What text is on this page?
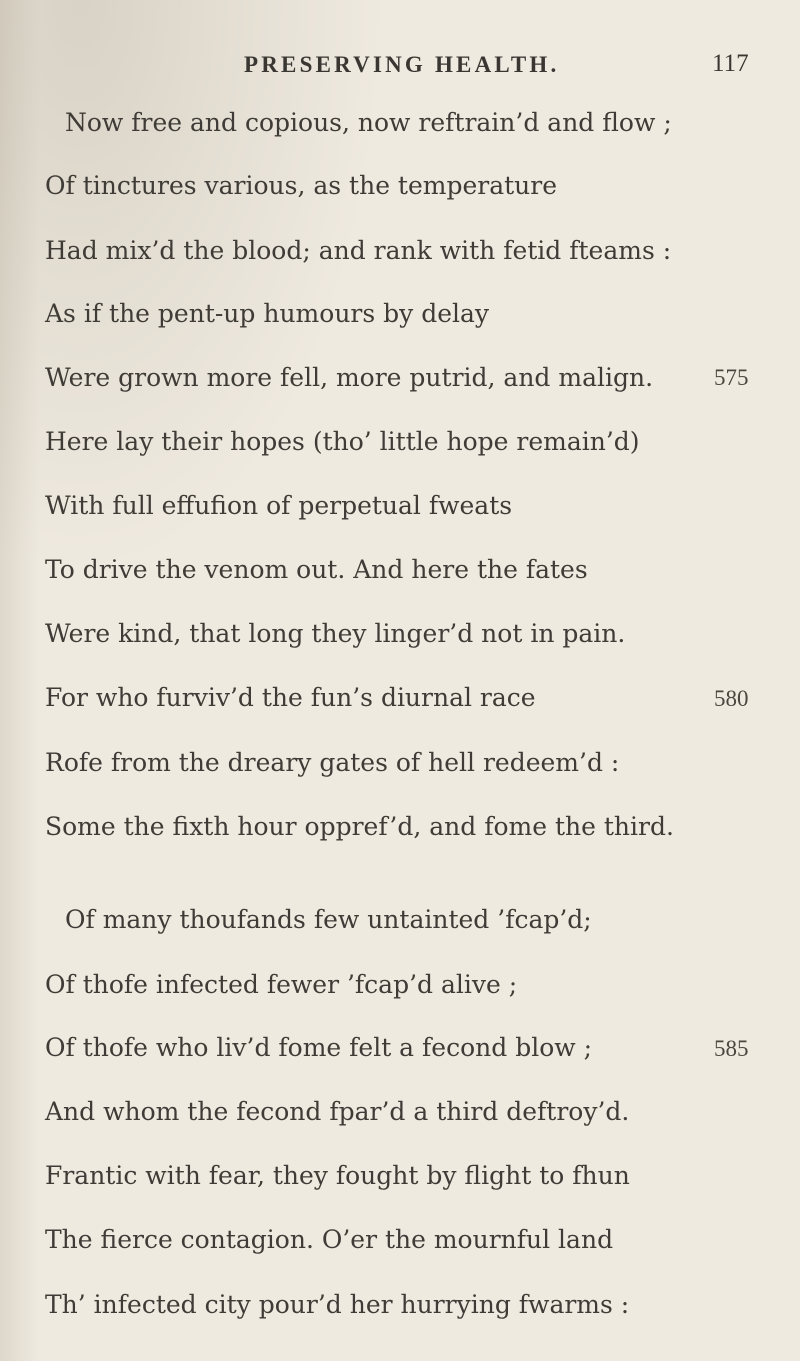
PRESERVING HEALTH.	117
Now free and copious, now reftrain’d and flow ;
Of tinctures various, as the temperature
Had mix’d the blood; and rank with fetid fteams :
As if the pent-up humours by delay
Were grown more fell, more putrid, and malign.
Here lay their hopes (tho’ little hope remain’d)
With full effufion of perpetual fweats
To drive the venom out. And here the fates
Were kind, that long they linger’d not in pain.
For who furviv’d the fun’s diurnal race
Rofe from the dreary gates of hell redeem’d :
Some the fixth hour oppref’d, and fome the third.
575
580
Of many thoufands few untainted ’fcap’d;
Of thofe infected fewer ’fcap’d alive ;
Of thofe who liv’d fome felt a fecond blow ;
And whom the fecond fpar’d a third deftroy’d.
Frantic with fear, they fought by flight to fhun
The fierce contagion. O’er the mournful land
Th’ infected city pour’d her hurrying fwarms :
585
